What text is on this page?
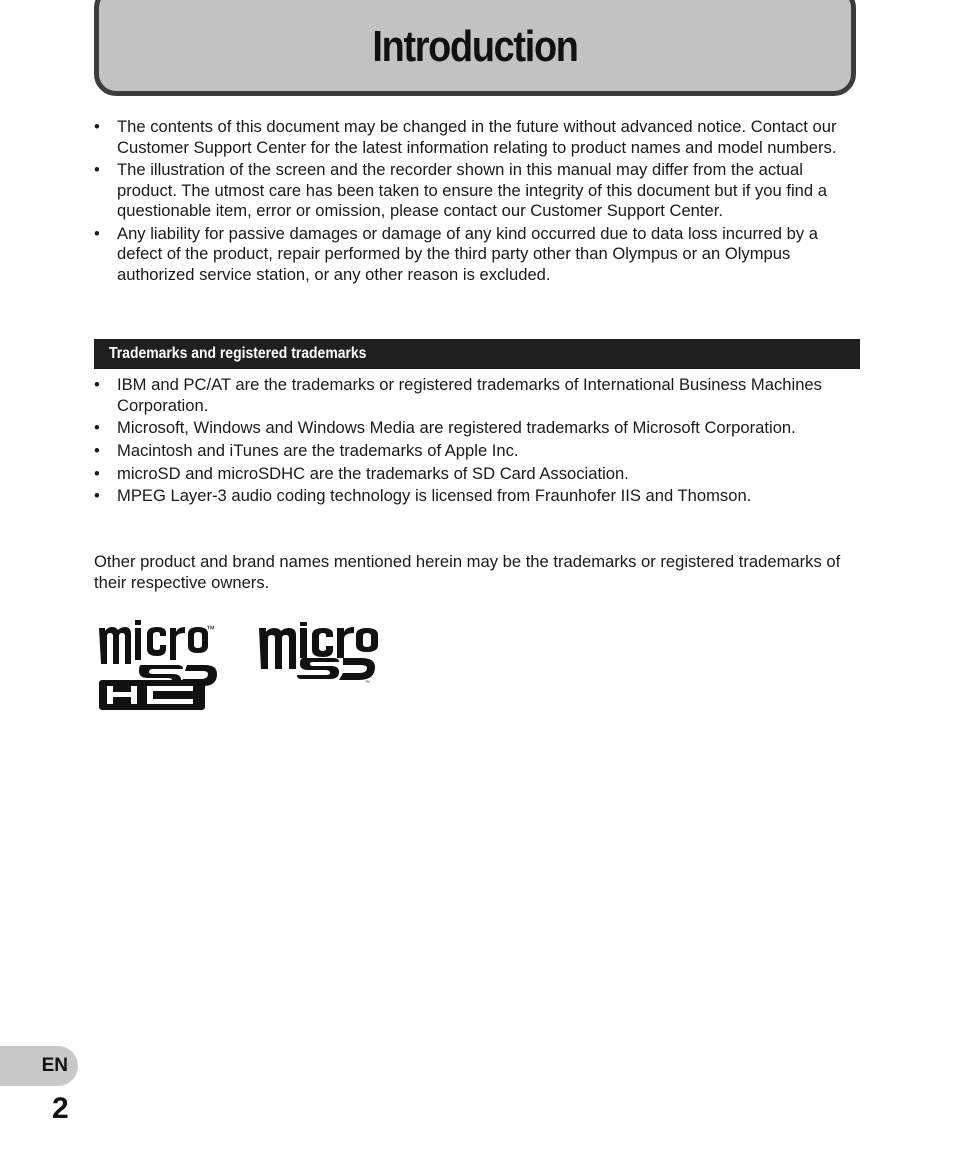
Introduction
• The contents of this document may be changed in the future without advanced notice. Contact our Customer Support Center for the latest information relating to product names and model numbers.
• The illustration of the screen and the recorder shown in this manual may differ from the actual product. The utmost care has been taken to ensure the integrity of this document but if you find a questionable item, error or omission, please contact our Customer Support Center.
• Any liability for passive damages or damage of any kind occurred due to data loss incurred by a defect of the product, repair performed by the third party other than Olympus or an Olympus authorized service station, or any other reason is excluded.
Trademarks and registered trademarks
• IBM and PC/AT are the trademarks or registered trademarks of International Business Machines Corporation.
• Microsoft, Windows and Windows Media are registered trademarks of Microsoft Corporation.
• Macintosh and iTunes are the trademarks of Apple Inc.
• microSD and microSDHC are the trademarks of SD Card Association.
• MPEG Layer-3 audio coding technology is licensed from Fraunhofer IIS and Thomson.

Other product and brand names mentioned herein may be the trademarks or registered trademarks of their respective owners.

™
™
EN
2
